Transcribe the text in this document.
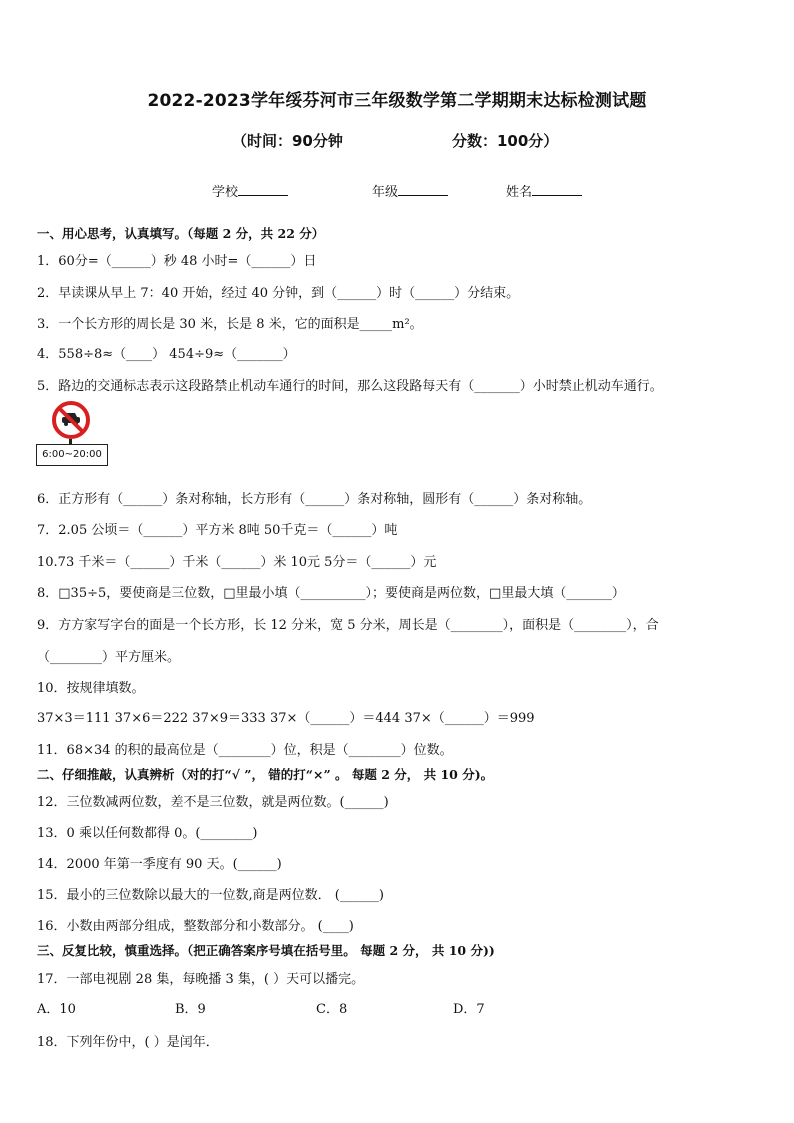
2022-2023学年绥芬河市三年级数学第二学期期末达标检测试题
（时间：90分钟	分数：100分）
学校	年级	姓名
一、用心思考，认真填写。（每题 2 分，共 22 分）
1．60分=（______）秒 48 小时=（______）日
2．早读课从早上 7：40 开始，经过 40 分钟，到（______）时（______）分结束。
3．一个长方形的周长是 30 米，长是 8 米，它的面积是_____m²。
4．558÷8≈（____） 454÷9≈（_______）
5．路边的交通标志表示这段路禁止机动车通行的时间，那么这段路每天有（_______）小时禁止机动车通行。
6:00~20:00
6．正方形有（______）条对称轴，长方形有（______）条对称轴，圆形有（______）条对称轴。
7．2.05 公顷＝（______）平方米 8吨 50千克＝（______）吨
10.73 千米＝（______）千米（______）米 10元 5分＝（______）元
8．□35÷5，要使商是三位数，□里最小填（__________）；要使商是两位数，□里最大填（_______）
9．方方家写字台的面是一个长方形，长 12 分米，宽 5 分米，周长是（________），面积是（________），合
（________）平方厘米。
10．按规律填数。
37×3＝111 37×6＝222 37×9＝333 37×（______）＝444 37×（______）＝999
11．68×34 的积的最高位是（________）位，积是（________）位数。
二、仔细推敲，认真辨析（对的打“√ ”， 错的打“×” 。 每题 2 分， 共 10 分)。
12．三位数减两位数，差不是三位数，就是两位数。(______)
13．0 乘以任何数都得 0。(________)
14．2000 年第一季度有 90 天。(______)
15．最小的三位数除以最大的一位数,商是两位数． (______)
16．小数由两部分组成，整数部分和小数部分。 (____)
三、反复比较，慎重选择。（把正确答案序号填在括号里。 每题 2 分， 共 10 分))
17．一部电视剧 28 集，每晚播 3 集，( ）天可以播完。
A．10	B．9	C．8	D．7
18．下列年份中，( ）是闰年．
